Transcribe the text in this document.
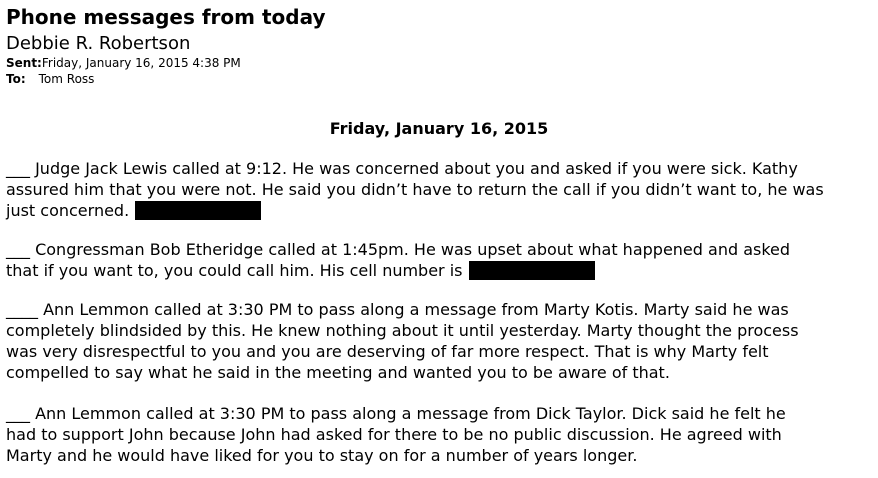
Phone messages from today
Debbie R. Robertson
Sent:Friday, January 16, 2015 4:38 PM
To: Tom Ross
Friday, January 16, 2015
___ Judge Jack Lewis called at 9:12. He was concerned about you and asked if you were sick. Kathy
assured him that you were not. He said you didn’t have to return the call if you didn’t want to, he was
just concerned.
___ Congressman Bob Etheridge called at 1:45pm. He was upset about what happened and asked
that if you want to, you could call him. His cell number is
____ Ann Lemmon called at 3:30 PM to pass along a message from Marty Kotis. Marty said he was
completely blindsided by this. He knew nothing about it until yesterday. Marty thought the process
was very disrespectful to you and you are deserving of far more respect. That is why Marty felt
compelled to say what he said in the meeting and wanted you to be aware of that.
___ Ann Lemmon called at 3:30 PM to pass along a message from Dick Taylor. Dick said he felt he
had to support John because John had asked for there to be no public discussion. He agreed with
Marty and he would have liked for you to stay on for a number of years longer.
